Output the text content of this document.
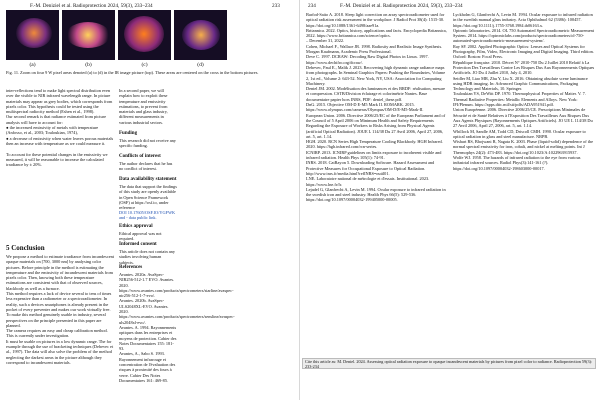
F.-M. Deniziel et al. Radioprotection 2024, 59(3), 233–234	233
(a)	(b)	(c)	(d)

Fig. 11. Zoom on four 9 W pixel areas denoted (a) to (d) in the IR image picture (top). These areas are centered on the cross in the bottom pictures.

inter-reflections tend to make light spectral distribution even over the visible to NIR infrared wavelength range. In picture materials may appear as grey bodies, which corresponds from pixels color. This hypothesis could be tested using the multispectral radiocity method (Eshen et al., 1998).
Our second remark is that radiance estimated from picture analysis will have to account for:
● the increased emissivity of metals with temperature (Anfosso, et al., 2003; Touloukian, 1974),
● a decrease of emissivity when water leaves porous materials then an increase with temperature as we could measure it.

To account for these potential changes in the emissivity we measured, it will be reasonable to increase the calculated irradiance by ± 20%.

5 Conclusion

We propose a method to estimate irradiance from incandescent opaque materials on [700, 3000 nm] by analysing color pictures. Before principle in the method is estimating the temperature and the emissivity of incandescent materials from pixels color. Then, knowing both these temperature estimations are consistent with that of observed sources, blackbody as well as a furnace.
This method requires a lack of device several to tens of times less expensive than a radiometer or a spectroradiometer. In reality, such a devices smartphones is already present in the pocket of every preventer and makes our work virtually free.
To make this method genuinely usable in industry, several perspectives on the principle presented in this paper are planned.
The camera requires an easy and cheap calibration method. This is currently under investigation.
It must be usable on pictures in a low dynamic range. The for example through the use of bracketing techniques (Debevec et al., 1997). The data will also solve the problem of the method neglecting the darkest areas in the picture although they correspond to incandescent materials.

In a second paper, we will explain how to exploit these temperature and emissivity estimations, to prevent from materials and glass industry, different measurements in various industrial sectors.

Funding

This research did not receive any specific funding.

Conflicts of interest

The author declares that he has no conflict of interest.

Data availability statement

The data that support the findings of this study are openly available in Open Science Framework (OSF) at https://osf.io, under reference

DOI 10.17605/OSF.IO/YGFWK and - data public link.

Ethics approval

Ethical approval was not required.

Informed consent

This article does not contain any studies involving human subjects.

References

Avantes. 2020a. AvaSpec-NIR256-512-1.7 EVO. Avantes. 2020. https://www.avantes.com/products/spectrometers/starline/avaspec-nir256-512-1-7-evo/.
Avantes. 2020b. AvaSpec-ULS2048XL-EVO. Avantes. 2020. https://www.avantes.com/products/spectrometers/sensline/avaspec-uls2048xl-evo/.
Avantes. A. 1994. Rayonnements optiques dans les entreprises et moyens de protection. Cahier des Notes Documentaires 155: 181-93.
Avantes, A., Sabo S. 1993. Rayonnement infrarouge et concentration de l'évaluation des risques à proximité des fours à verre. Cahier Des Notes Documentaires 161: 469-85.

234	F.-M. Deniziel et al. Radioprotection 2024, 59(3), 233–234

Barfod-Saito A. 2018. Sleep light correction on array spectroradiometer used for optical radiation risk assessment in the workplace. J Radiol Prot 38(4): 1515-30. https://doi.org/10.1088/1361-6498/aae91a.
Britannica. 2022. Optics, history, applications and facts. Encyclopedia Britannica, 2022. https://www.britannica.com/science/optics.
– December 31, 2022.
Cohen, Michael F., Wallace JR. 1998. Radiosity and Realistic Image Synthesis. Morgan Kaufmann, Academic Press Professional.
Deve C. 1997. DCRAW: Decoding Raw Digital Photos in Linux. 1997. https://www.dechifro.org/dcraw/.
Debevec, Paul E., Malik J. 2023. Recovering high dynamic range radiance maps from photographs. In Seminal Graphics Papers: Pushing the Boundaries, Volume 2, 1st ed., Volume 2: 643-52. New York, NY, USA: Association for Computing Machinery.
Deniel JM. 2002. Modélisation des luminances et des BRDF: réalisation, mesure et compression. CSTB/Division éclairage et colorimétrie Nantes. Base documentaire papier hors INRS, PDF: deniel_these.pdf.
DnG. 2015. Objective OM-D E-M5 Mark II. ROMARK. 2015. https://www.olympus.com/cameras/Olympus/OM-D/E-M5-Mark-II.
European Union. 2006. Directive 2006/25/EC of the European Parliament and of the Council of 5 April 2006 on Minimum Health and Safety Requirements Regarding the Exposure of Workers to Risks Arising from Physical Agents (artificial Optical Radiation). JOUE L 114/38 Du 27 Avril 2006, April 27, 2006, art. 5, art. 1.14.
HGH. 2020. RCN Series High Temperature Cooling Blackbody. HGH Infrared. 2020. https://hgh.infrared.com/rcn-series.
ICNIRP. 2013. ICNIRP guidelines on limits exposure to incoherent visible and infrared radiation. Health Phys 105(1): 74-91.
INRS. 2018. CatRayon 5. Downloading Software. Hazard Assessment and Protective Measures for Occupational Exposure to Optical Radiation. http://www.inrs.fr/media.html?refINRS=outil01.
LNE. Laboratoire national de métrologie et d'essais. Institutional. 2023. https://www.lne.fr/fr.
Lejadel G, Glanfrecht A, Levin M. 1994. Ocular exposure to infrared radiation in the swedish iron and steel industry. Health Phys 66(5): 529-536. https://doi.org/10.1097/00004032-199405000-00005.

Lyckholm G, Glanfrecht A, Levin M. 1994. Ocular exposure to infrared radiation in the swedish manual glass industry. Acta Ophthalmol 62 (5386): 100457. https://doi.org/10.1111/j.1755-3768.1984.tb06163.x.
Optronic laboratories. 2014. OL 750 Automated Spectroradiometric Measurement System. 2014. https://optroniclabs.com/products/spectroradiometers/ol-750-automated-spectroradiometric-measurement-system/.
Ray SF. 2002. Applied Photographic Optics: Lenses and Optical Systems for Photography, Film, Video, Electronic Imaging and Digital Imaging. Third edition. Oxford: Boston: Focal Press.
République française. 2010. Décret N° 2010-750 Du 2 Juillet 2010 Relatif à La Protection Des Travailleurs Contre Les Risques Dus Aux Rayonnements Optiques Artificiels. JO Du 4 Juillet 2010, July 4, 2010.
Seidler M, Liao MR, Zhu Y, Liu X. 2016. Obtaining absolute scene luminance using HDR imaging. In: Advanced Graphic Communications, Packaging Technology and Materials, 10. Springer.
Touloukian YS, DeWitt DP. 1970. Thermophysical Properties of Matter. V. 7. Thermal Radiative Properties: Metallic Elements and Alloys. New York: IFI/Plenum. https://apps.dtic.mil/sti/pdfs/ADA951941.pdf.
Union Européenne. 2006. Directive 2006/25/CE. Prescriptions Minimales de Sécurité et de Santé Relatives à l'Exposition Des Travailleurs Aux Risques Dus Aux Agents Physiques (Rayonnements Optiques Artificiels). JO UE L 114/38 Du 27 Avril 2006, April 27, 2006, art. 5, art. 1.14.
Whillock M, Sandle AM, Todd CD, Driscoll CMH. 1990. Ocular exposure to optical radiation in glass and steel manufacture. NRPB.
Wishart RS, Bhojwani R, Nagata K. 2003. Phase (liquid-solid) dependence of the normal spectral emissivity for iron, cobalt, and nickel at melting points. Int J Thermophys 24(2): 473-483. https://doi.org/10.1023/A:1022963915937.
Wolfe WJ. 1958. The hazards of infrared radiation to the eye from various industrial infrared sources. Radiol Phys(3):141-161 (?). https://doi.org/10.1097/00004032-198603000-00017.

Cite this article as: M. Deniel. 2024. Assessing optical radiation exposure to opaque incandescent materials by pictures from pixel color to radiance. Radioprotection 59(3): 233-234
